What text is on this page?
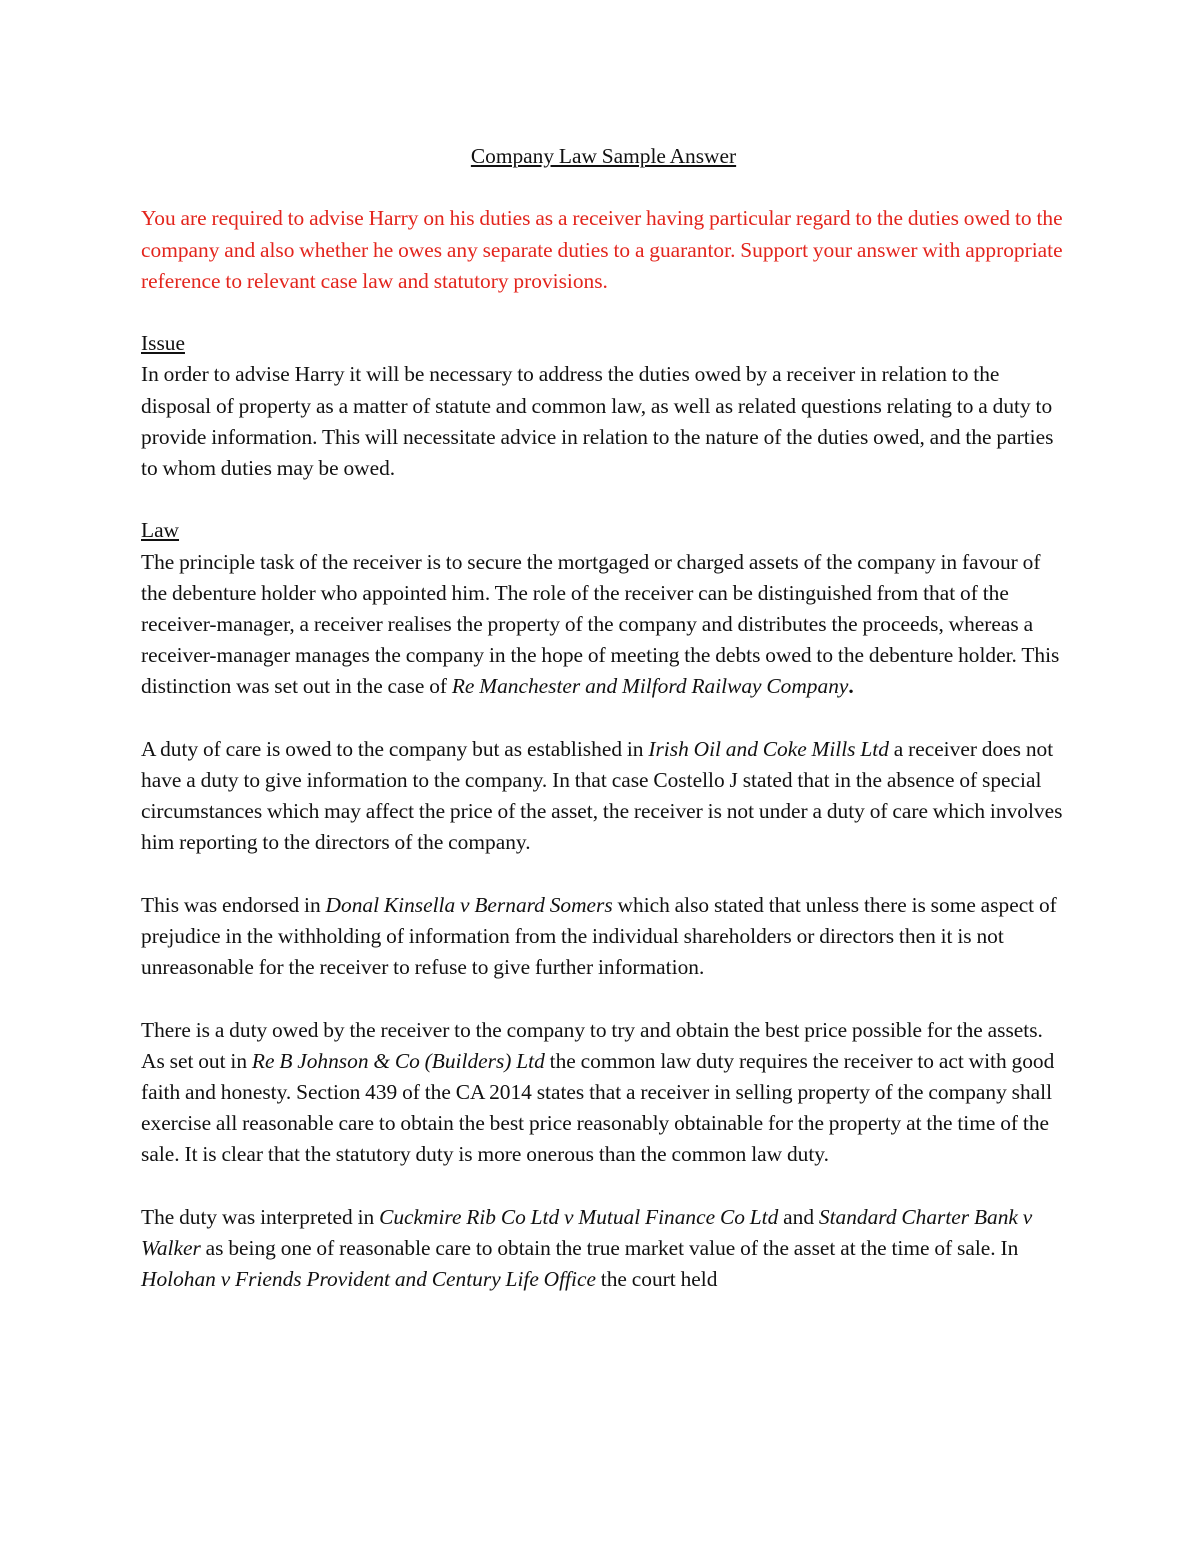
Company Law Sample Answer

You are required to advise Harry on his duties as a receiver having particular regard to the duties owed to the company and also whether he owes any separate duties to a guarantor. Support your answer with appropriate reference to relevant case law and statutory provisions.

Issue

In order to advise Harry it will be necessary to address the duties owed by a receiver in relation to the disposal of property as a matter of statute and common law, as well as related questions relating to a duty to provide information. This will necessitate advice in relation to the nature of the duties owed, and the parties to whom duties may be owed.

Law

The principle task of the receiver is to secure the mortgaged or charged assets of the company in favour of the debenture holder who appointed him. The role of the receiver can be distinguished from that of the receiver-manager, a receiver realises the property of the company and distributes the proceeds, whereas a receiver-manager manages the company in the hope of meeting the debts owed to the debenture holder. This distinction was set out in the case of Re Manchester and Milford Railway Company.

A duty of care is owed to the company but as established in Irish Oil and Coke Mills Ltd a receiver does not have a duty to give information to the company. In that case Costello J stated that in the absence of special circumstances which may affect the price of the asset, the receiver is not under a duty of care which involves him reporting to the directors of the company.

This was endorsed in Donal Kinsella v Bernard Somers which also stated that unless there is some aspect of prejudice in the withholding of information from the individual shareholders or directors then it is not unreasonable for the receiver to refuse to give further information.

There is a duty owed by the receiver to the company to try and obtain the best price possible for the assets. As set out in Re B Johnson & Co (Builders) Ltd the common law duty requires the receiver to act with good faith and honesty. Section 439 of the CA 2014 states that a receiver in selling property of the company shall exercise all reasonable care to obtain the best price reasonably obtainable for the property at the time of the sale. It is clear that the statutory duty is more onerous than the common law duty.

The duty was interpreted in Cuckmire Rib Co Ltd v Mutual Finance Co Ltd and Standard Charter Bank v Walker as being one of reasonable care to obtain the true market value of the asset at the time of sale. In Holohan v Friends Provident and Century Life Office the court held
